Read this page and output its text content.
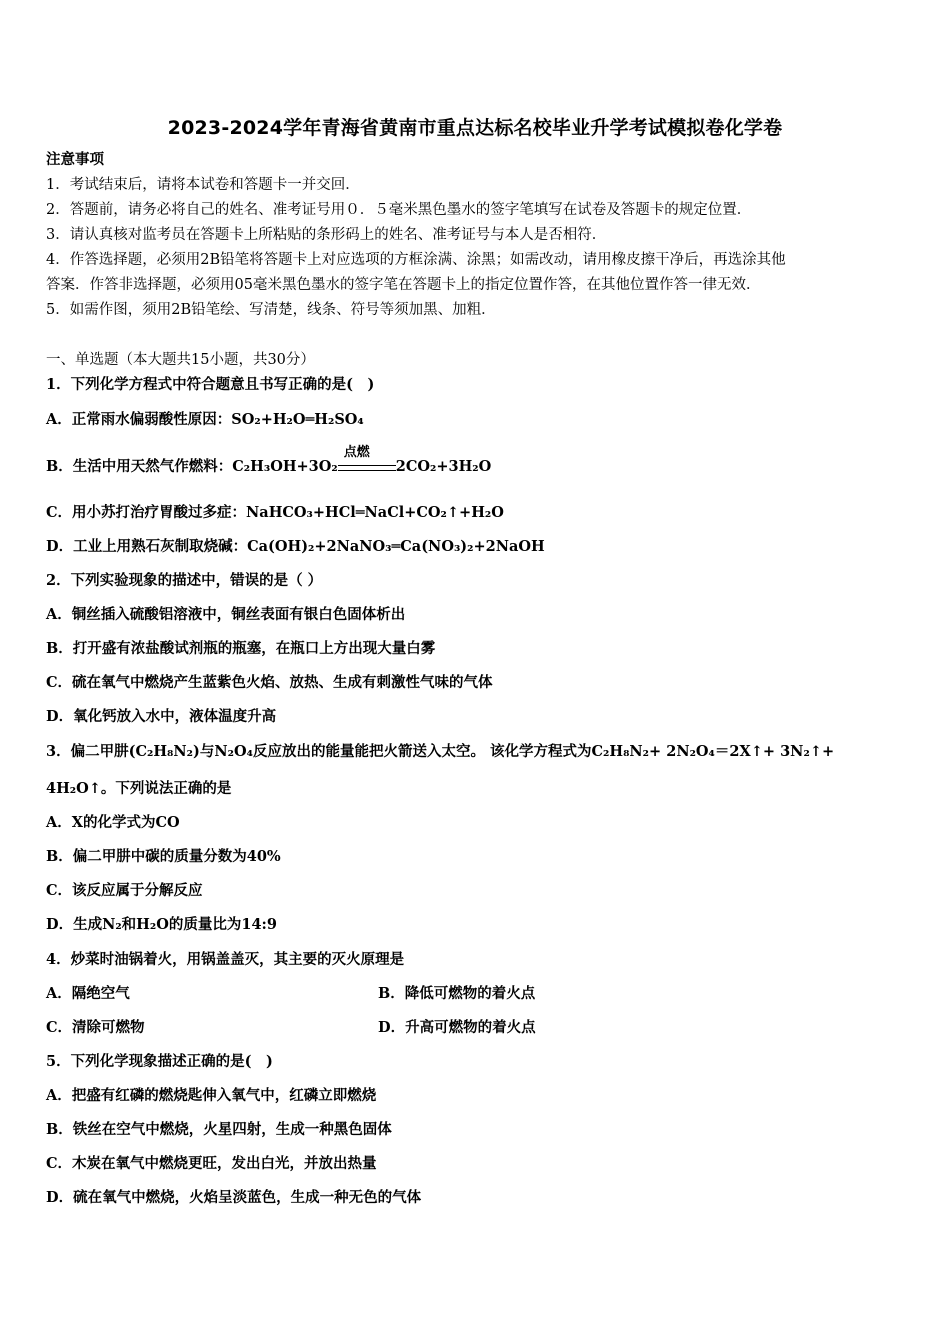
2023-2024学年青海省黄南市重点达标名校毕业升学考试模拟卷化学卷
注意事项
1．考试结束后，请将本试卷和答题卡一并交回．
2．答题前，请务必将自己的姓名、准考证号用０．５毫米黑色墨水的签字笔填写在试卷及答题卡的规定位置．
3．请认真核对监考员在答题卡上所粘贴的条形码上的姓名、准考证号与本人是否相符．
4．作答选择题，必须用2B铅笔将答题卡上对应选项的方框涂满、涂黑；如需改动，请用橡皮擦干净后，再选涂其他
答案．作答非选择题，必须用05毫米黑色墨水的签字笔在答题卡上的指定位置作答，在其他位置作答一律无效．
5．如需作图，须用2B铅笔绘、写清楚，线条、符号等须加黑、加粗．
一、单选题（本大题共15小题，共30分）
1．下列化学方程式中符合题意且书写正确的是(　)
A．正常雨水偏弱酸性原因：SO₂+H₂O═H₂SO₄
B．生活中用天然气作燃料：C₂H₃OH+3O₂
点燃
2CO₂+3H₂O
C．用小苏打治疗胃酸过多症：NaHCO₃+HCl═NaCl+CO₂↑+H₂O
D．工业上用熟石灰制取烧碱：Ca(OH)₂+2NaNO₃═Ca(NO₃)₂+2NaOH
2．下列实验现象的描述中，错误的是（ ）
A．铜丝插入硫酸铝溶液中，铜丝表面有银白色固体析出
B．打开盛有浓盐酸试剂瓶的瓶塞，在瓶口上方出现大量白雾
C．硫在氧气中燃烧产生蓝紫色火焰、放热、生成有刺激性气味的气体
D．氧化钙放入水中，液体温度升高
3．偏二甲肼(C₂H₈N₂)与N₂O₄反应放出的能量能把火箭送入太空。 该化学方程式为C₂H₈N₂+ 2N₂O₄＝2X↑+ 3N₂↑+
4H₂O↑。下列说法正确的是
A．X的化学式为CO
B．偏二甲肼中碳的质量分数为40%
C．该反应属于分解反应
D．生成N₂和H₂O的质量比为14:9
4．炒菜时油锅着火，用锅盖盖灭，其主要的灭火原理是
A．隔绝空气	B．降低可燃物的着火点
C．清除可燃物	D．升高可燃物的着火点
5．下列化学现象描述正确的是(　)
A．把盛有红磷的燃烧匙伸入氧气中，红磷立即燃烧
B．铁丝在空气中燃烧，火星四射，生成一种黑色固体
C．木炭在氧气中燃烧更旺，发出白光，并放出热量
D．硫在氧气中燃烧，火焰呈淡蓝色，生成一种无色的气体
